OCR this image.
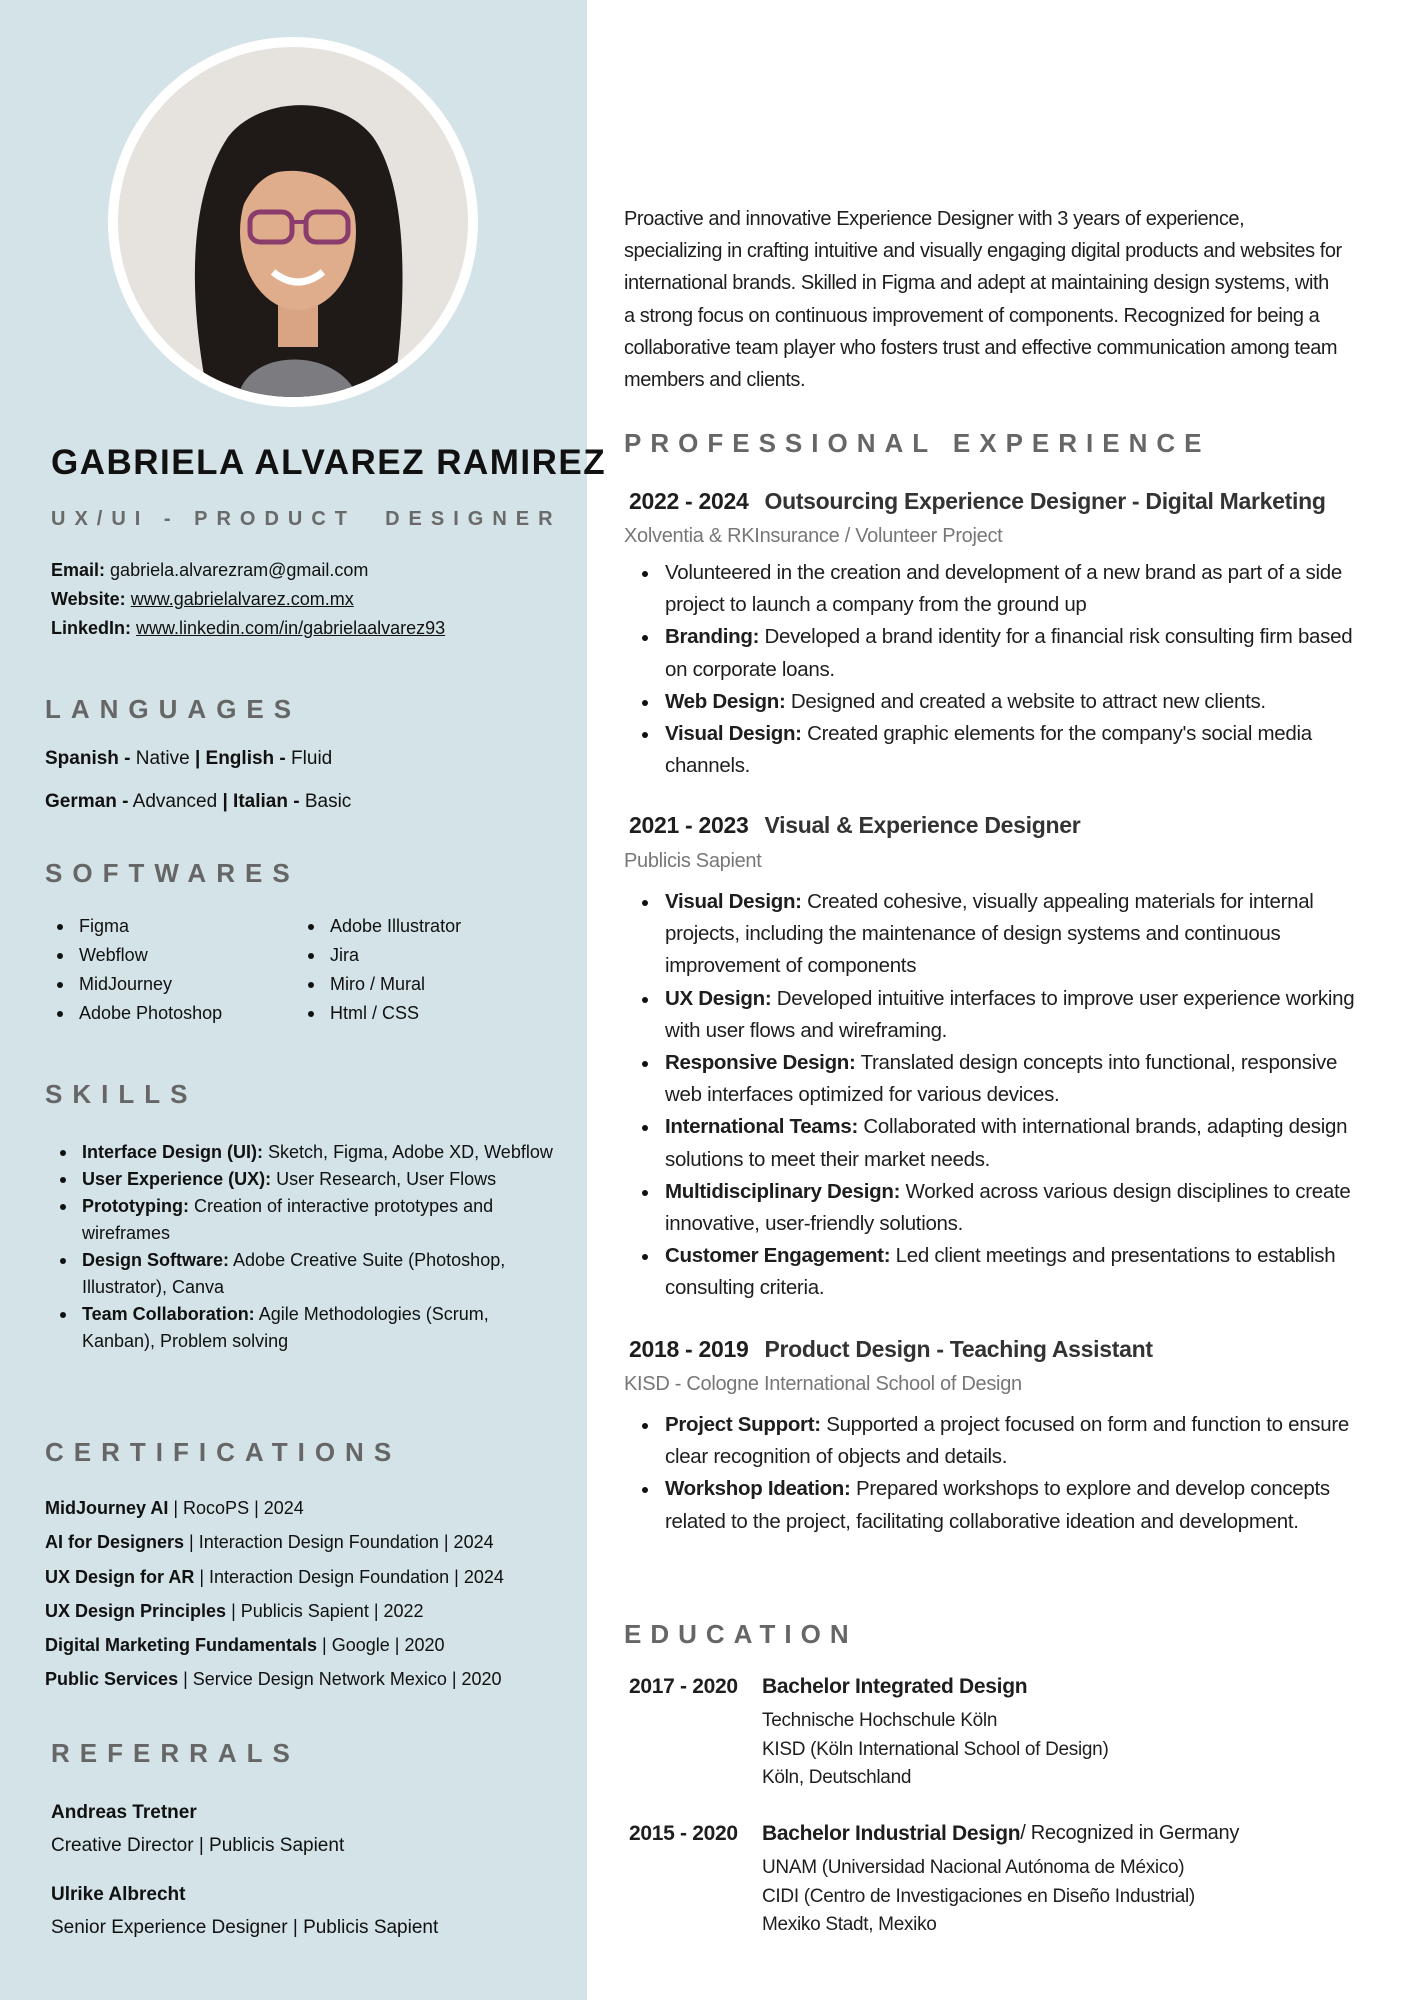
GABRIELA ALVAREZ RAMIREZ
UX/UI - PRODUCT  DESIGNER
Email: gabriela.alvarezram@gmail.com
Website: www.gabrielalvarez.com.mx
LinkedIn: www.linkedin.com/in/gabrielaalvarez93
LANGUAGES
Spanish - Native | English - Fluid
German - Advanced | Italian - Basic
SOFTWARES
Figma
Webflow
MidJourney
Adobe Photoshop
Adobe Illustrator
Jira
Miro / Mural
Html / CSS
SKILLS
Interface Design (UI): Sketch, Figma, Adobe XD, Webflow
User Experience (UX): User Research, User Flows
Prototyping: Creation of interactive prototypes and wireframes
Design Software: Adobe Creative Suite (Photoshop, Illustrator), Canva
Team Collaboration: Agile Methodologies (Scrum, Kanban), Problem solving
CERTIFICATIONS
MidJourney AI | RocoPS | 2024
AI for Designers | Interaction Design Foundation | 2024
UX Design for AR | Interaction Design Foundation | 2024
UX Design Principles | Publicis Sapient | 2022
Digital Marketing Fundamentals | Google | 2020
Public Services | Service Design Network Mexico | 2020
REFERRALS
Andreas Tretner
Creative Director | Publicis Sapient
Ulrike Albrecht
Senior Experience Designer | Publicis Sapient
Proactive and innovative Experience Designer with 3 years of experience, specializing in crafting intuitive and visually engaging digital products and websites for international brands. Skilled in Figma and adept at maintaining design systems, with a strong focus on continuous improvement of components. Recognized for being a collaborative team player who fosters trust and effective communication among team members and clients.
PROFESSIONAL EXPERIENCE
2022 - 2024 Outsourcing Experience Designer - Digital Marketing
Xolventia & RKInsurance / Volunteer Project
Volunteered in the creation and development of a new brand as part of a side project to launch a company from the ground up
Branding: Developed a brand identity for a financial risk consulting firm based on corporate loans.
Web Design: Designed and created a website to attract new clients.
Visual Design: Created graphic elements for the company's social media channels.
2021 - 2023 Visual & Experience Designer
Publicis Sapient
Visual Design: Created cohesive, visually appealing materials for internal projects, including the maintenance of design systems and continuous improvement of components
UX Design: Developed intuitive interfaces to improve user experience working with user flows and wireframing.
Responsive Design: Translated design concepts into functional, responsive web interfaces optimized for various devices.
International Teams: Collaborated with international brands, adapting design solutions to meet their market needs.
Multidisciplinary Design: Worked across various design disciplines to create innovative, user-friendly solutions.
Customer Engagement: Led client meetings and presentations to establish consulting criteria.
2018 - 2019 Product Design - Teaching Assistant
KISD - Cologne International School of Design
Project Support: Supported a project focused on form and function to ensure clear recognition of objects and details.
Workshop Ideation: Prepared workshops to explore and develop concepts related to the project, facilitating collaborative ideation and development.
EDUCATION
2017 - 2020	Bachelor Integrated Design
Technische Hochschule Köln
KISD (Köln International School of Design)
Köln, Deutschland
2015 - 2020	Bachelor Industrial Design / Recognized in Germany
UNAM (Universidad Nacional Autónoma de México)
CIDI (Centro de Investigaciones en Diseño Industrial)
Mexiko Stadt, Mexiko
